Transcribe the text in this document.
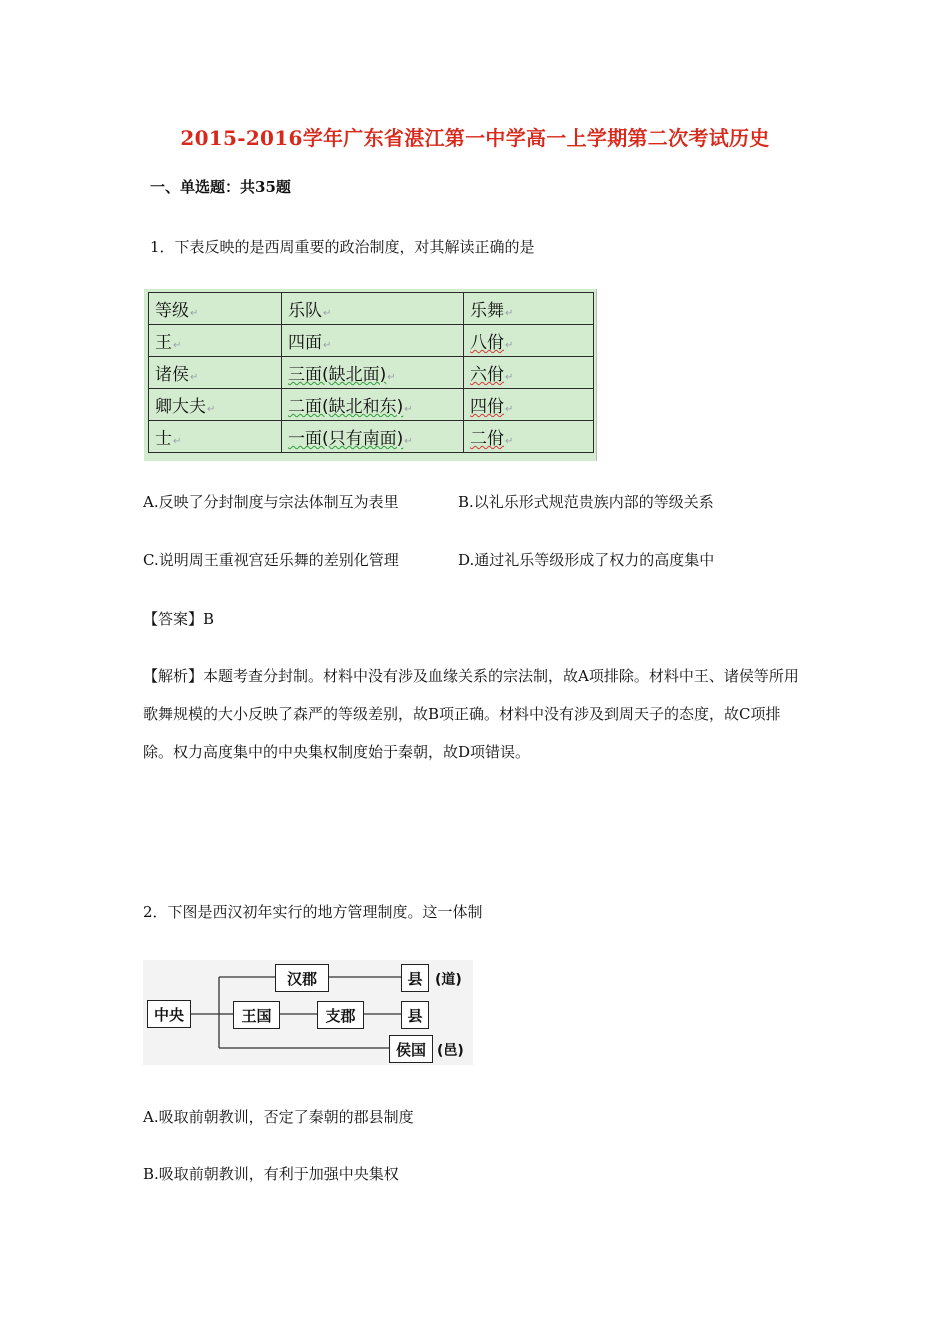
2015-2016学年广东省湛江第一中学高一上学期第二次考试历史
一、单选题：共35题
1．下表反映的是西周重要的政治制度，对其解读正确的是
等级↵	乐队↵	乐舞↵
王↵	四面↵	八佾↵
诸侯↵	三面(缺北面)↵	六佾↵
卿大夫↵	二面(缺北和东)↵	四佾↵
士↵	一面(只有南面)↵	二佾↵
A.反映了分封制度与宗法体制互为表里	B.以礼乐形式规范贵族内部的等级关系
C.说明周王重视宫廷乐舞的差别化管理	D.通过礼乐等级形成了权力的高度集中
【答案】B
【解析】本题考查分封制。材料中没有涉及血缘关系的宗法制，故A项排除。材料中王、诸侯等所用歌舞规模的大小反映了森严的等级差别，故B项正确。材料中没有涉及到周天子的态度，故C项排除。权力高度集中的中央集权制度始于秦朝，故D项错误。
2．下图是西汉初年实行的地方管理制度。这一体制
中央
汉郡
王国	支郡
县 (道)
县
侯国 (邑)
A.吸取前朝教训，否定了秦朝的郡县制度
B.吸取前朝教训，有利于加强中央集权
